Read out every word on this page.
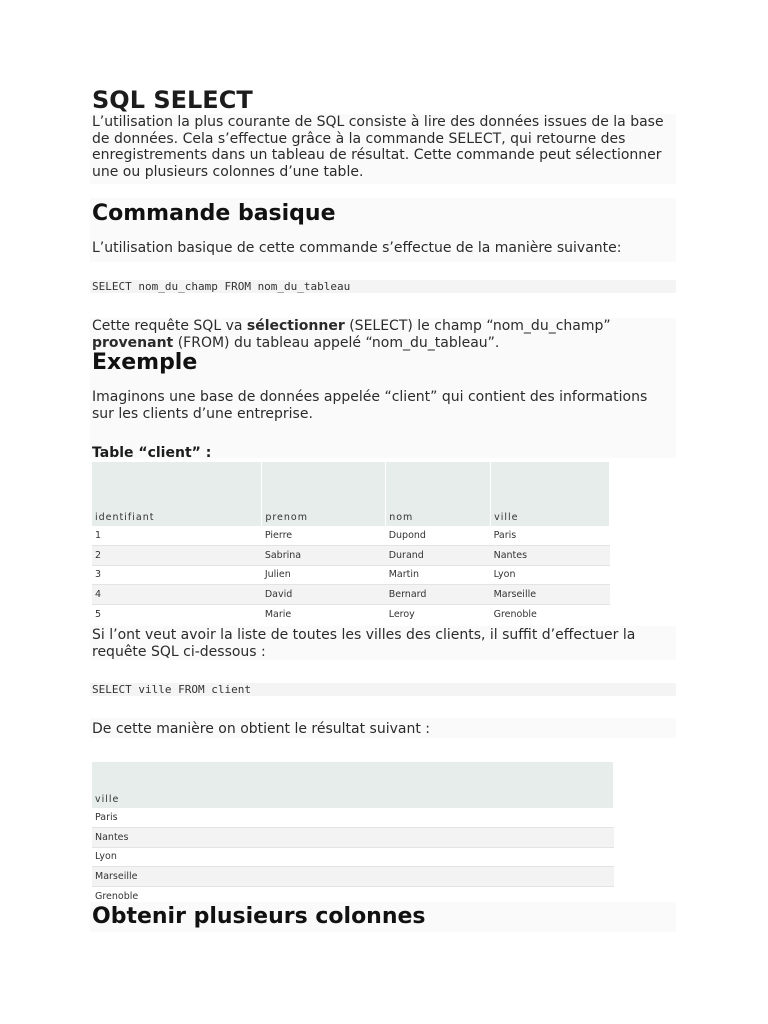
SQL SELECT

L’utilisation la plus courante de SQL consiste à lire des données issues de la base de données. Cela s’effectue grâce à la commande SELECT, qui retourne des enregistrements dans un tableau de résultat. Cette commande peut sélectionner une ou plusieurs colonnes d’une table.

Commande basique

L’utilisation basique de cette commande s’effectue de la manière suivante:

SELECT nom_du_champ FROM nom_du_tableau

Cette requête SQL va sélectionner (SELECT) le champ “nom_du_champ” provenant (FROM) du tableau appelé “nom_du_tableau”.

Exemple

Imaginons une base de données appelée “client” qui contient des informations sur les clients d’une entreprise.

Table “client” :
identifiant	prenom	nom	ville
1	Pierre	Dupond	Paris
2	Sabrina	Durand	Nantes
3	Julien	Martin	Lyon
4	David	Bernard	Marseille
5	Marie	Leroy	Grenoble

Si l’ont veut avoir la liste de toutes les villes des clients, il suffit d’effectuer la requête SQL ci-dessous :

SELECT ville FROM client

De cette manière on obtient le résultat suivant :

ville
Paris
Nantes
Lyon
Marseille
Grenoble
Obtenir plusieurs colonnes
